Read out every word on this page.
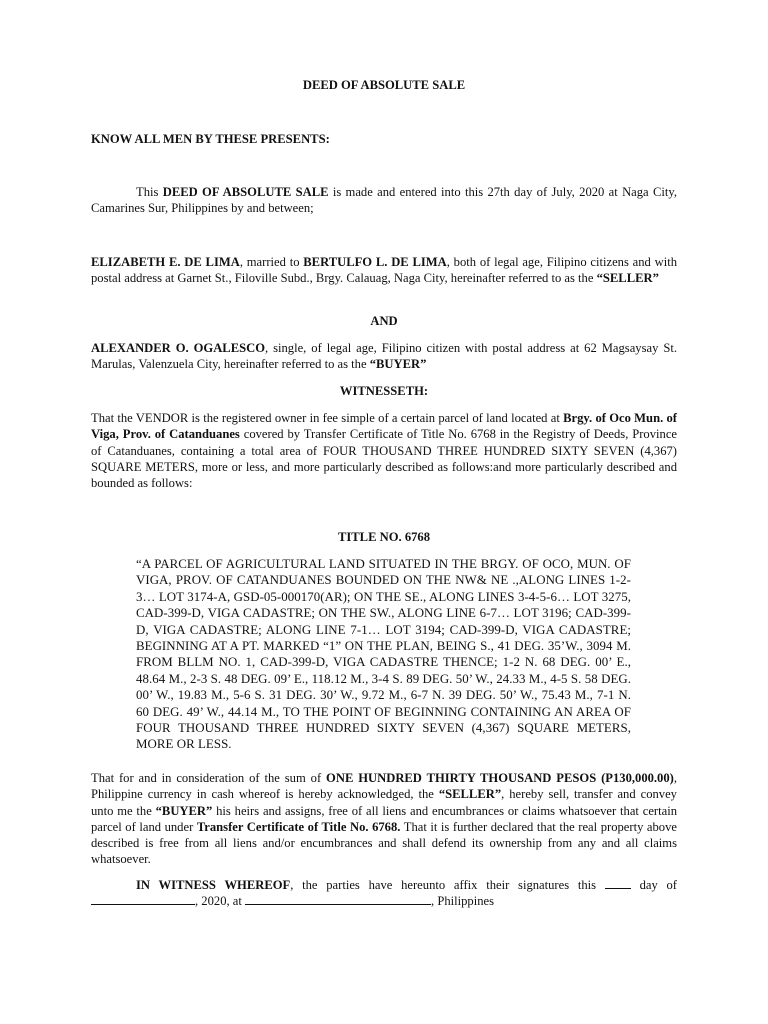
DEED OF ABSOLUTE SALE

KNOW ALL MEN BY THESE PRESENTS:

This DEED OF ABSOLUTE SALE is made and entered into this 27th day of July, 2020 at Naga City, Camarines Sur, Philippines by and between;

ELIZABETH E. DE LIMA, married to BERTULFO L. DE LIMA, both of legal age, Filipino citizens and with postal address at Garnet St., Filoville Subd., Brgy. Calauag, Naga City, hereinafter referred to as the “SELLER”

AND

ALEXANDER O. OGALESCO, single, of legal age, Filipino citizen with postal address at 62 Magsaysay St. Marulas, Valenzuela City, hereinafter referred to as the “BUYER”

WITNESSETH:

That the VENDOR is the registered owner in fee simple of a certain parcel of land located at Brgy. of Oco Mun. of Viga, Prov. of Catanduanes covered by Transfer Certificate of Title No. 6768 in the Registry of Deeds, Province of Catanduanes, containing a total area of FOUR THOUSAND THREE HUNDRED SIXTY SEVEN (4,367) SQUARE METERS, more or less, and more particularly described as follows:and more particularly described and bounded as follows:

TITLE NO. 6768

“A PARCEL OF AGRICULTURAL LAND SITUATED IN THE BRGY. OF OCO, MUN. OF VIGA, PROV. OF CATANDUANES BOUNDED ON THE NW& NE .,ALONG LINES 1-2-3… LOT 3174-A, GSD-05-000170(AR); ON THE SE., ALONG LINES 3-4-5-6… LOT 3275, CAD-399-D, VIGA CADASTRE; ON THE SW., ALONG LINE 6-7… LOT 3196; CAD-399-D, VIGA CADASTRE; ALONG LINE 7-1… LOT 3194; CAD-399-D, VIGA CADASTRE; BEGINNING AT A PT. MARKED “1” ON THE PLAN, BEING S., 41 DEG. 35’W., 3094 M. FROM BLLM NO. 1, CAD-399-D, VIGA CADASTRE THENCE; 1-2 N. 68 DEG. 00’ E., 48.64 M., 2-3 S. 48 DEG. 09’ E., 118.12 M., 3-4 S. 89 DEG. 50’ W., 24.33 M., 4-5 S. 58 DEG. 00’ W., 19.83 M., 5-6 S. 31 DEG. 30’ W., 9.72 M., 6-7 N. 39 DEG. 50’ W., 75.43 M., 7-1 N. 60 DEG. 49’ W., 44.14 M., TO THE POINT OF BEGINNING CONTAINING AN AREA OF FOUR THOUSAND THREE HUNDRED SIXTY SEVEN (4,367) SQUARE METERS, MORE OR LESS.

That for and in consideration of the sum of ONE HUNDRED THIRTY THOUSAND PESOS (P130,000.00), Philippine currency in cash whereof is hereby acknowledged, the “SELLER”, hereby sell, transfer and convey unto me the “BUYER” his heirs and assigns, free of all liens and encumbrances or claims whatsoever that certain parcel of land under Transfer Certificate of Title No. 6768. That it is further declared that the real property above described is free from all liens and/or encumbrances and shall defend its ownership from any and all claims whatsoever.

IN WITNESS WHEREOF, the parties have hereunto affix their signatures this  day of , 2020, at	, Philippines
